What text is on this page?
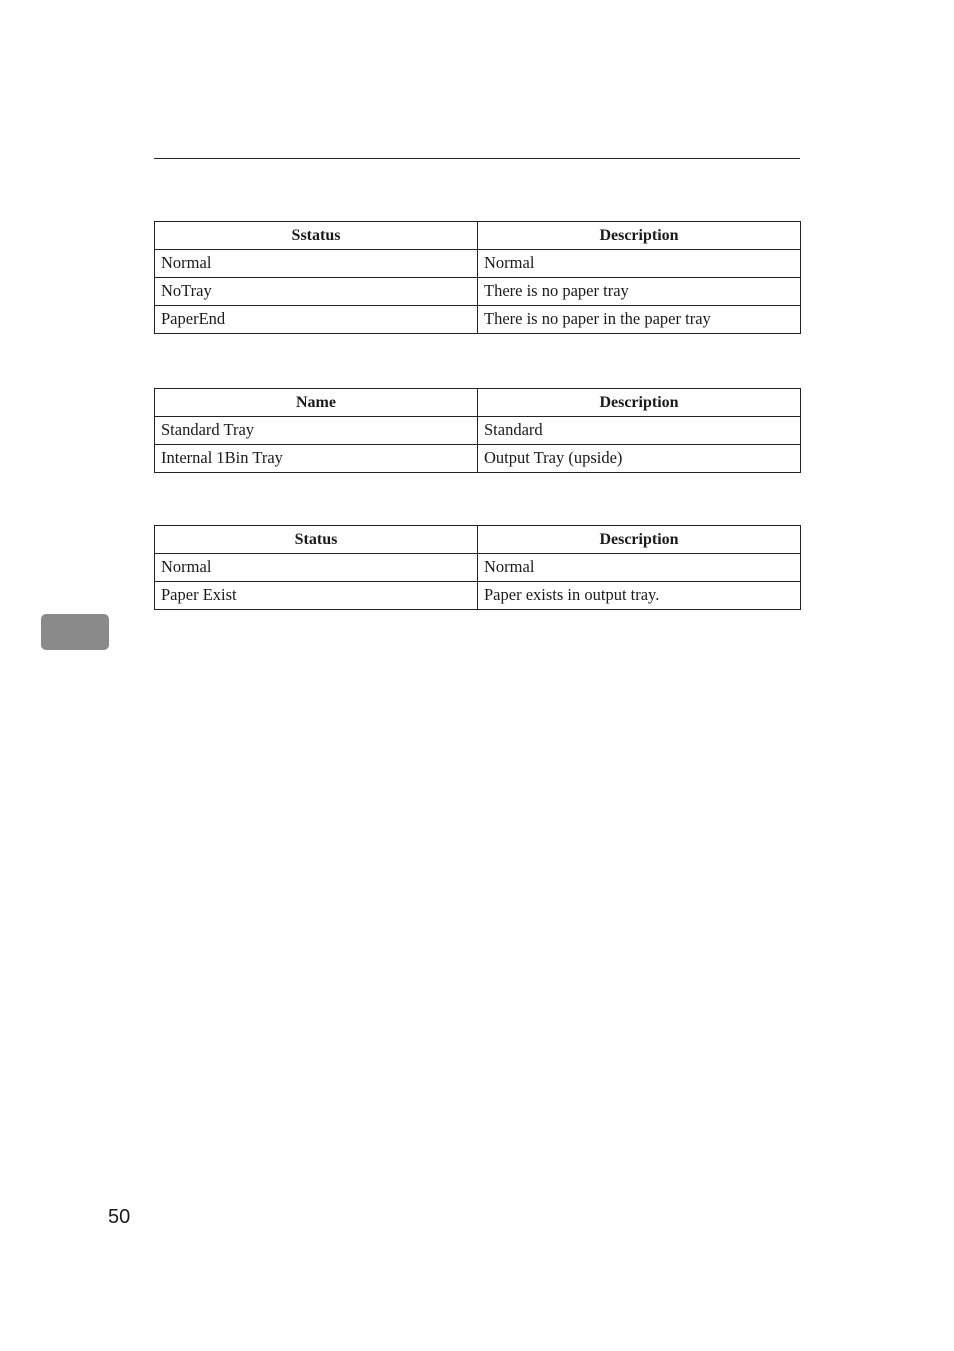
Sstatus	Description
Normal	Normal
NoTray	There is no paper tray
PaperEnd	There is no paper in the paper tray
Name	Description
Standard Tray	Standard
Internal 1Bin Tray	Output Tray (upside)
Status	Description
Normal	Normal
Paper Exist	Paper exists in output tray.
50
